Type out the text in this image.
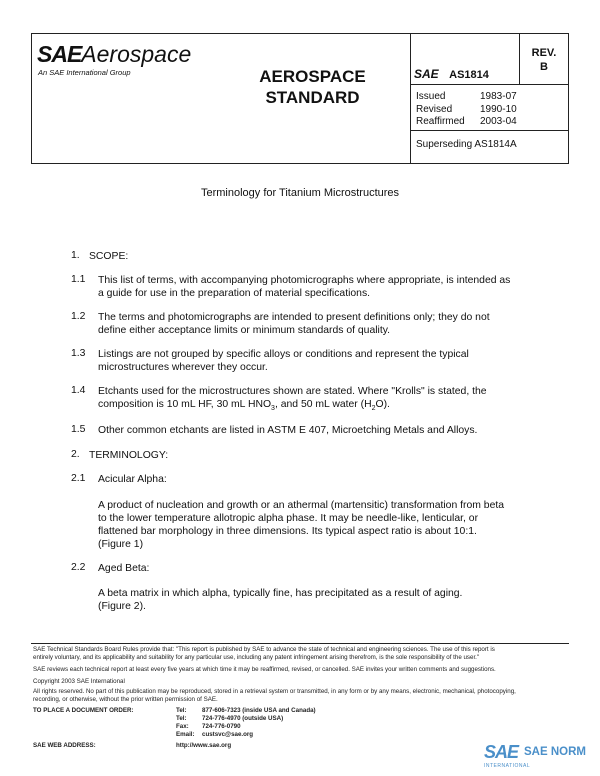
SAEAerospace
An SAE International Group	AEROSPACE
STANDARD
SAE AS1814
REV.
B
Issued	1983-07
Revised	1990-10
Reaffirmed 2003-04
Superseding AS1814A
Terminology for Titanium Microstructures
1. SCOPE:
1.1 This list of terms, with accompanying photomicrographs where appropriate, is intended as
a guide for use in the preparation of material specifications.
1.2 The terms and photomicrographs are intended to present definitions only; they do not
define either acceptance limits or minimum standards of quality.
1.3 Listings are not grouped by specific alloys or conditions and represent the typical
microstructures wherever they occur.
1.4 Etchants used for the microstructures shown are stated. Where "Krolls" is stated, the
composition is 10 mL HF, 30 mL $HNO_3$, and 50 mL water $(H_2O)$.
1.5 Other common etchants are listed in ASTM E 407, Microetching Metals and Alloys.
2. TERMINOLOGY:
2.1 Acicular Alpha:
A product of nucleation and growth or an athermal (martensitic) transformation from beta
to the lower temperature allotropic alpha phase. It may be needle-like, lenticular, or
flattened bar morphology in three dimensions. Its typical aspect ratio is about 10:1.
(Figure 1)
2.2 Aged Beta:
A beta matrix in which alpha, typically fine, has precipitated as a result of aging.
(Figure 2).
SAE Technical Standards Board Rules provide that: "This report is published by SAE to advance the state of technical and engineering sciences. The use of this report is
entirely voluntary, and its applicability and suitability for any particular use, including any patent infringement arising therefrom, is the sole responsibility of the user."
SAE reviews each technical report at least every five years at which time it may be reaffirmed, revised, or cancelled. SAE invites your written comments and suggestions.
Copyright 2003 SAE International
All rights reserved. No part of this publication may be reproduced, stored in a retrieval system or transmitted, in any form or by any means, electronic, mechanical, photocopying,
recording, or otherwise, without the prior written permission of SAE.
TO PLACE A DOCUMENT ORDER:	Tel: 877-606-7323 (inside USA and Canada)
Tel: 724-776-4970 (outside USA)
Fax: 724-776-0790
Email: custsvc@sae.org
SAE WEB ADDRESS:	http://www.sae.org	SAE SAE NORM
INTERNATIONAL
